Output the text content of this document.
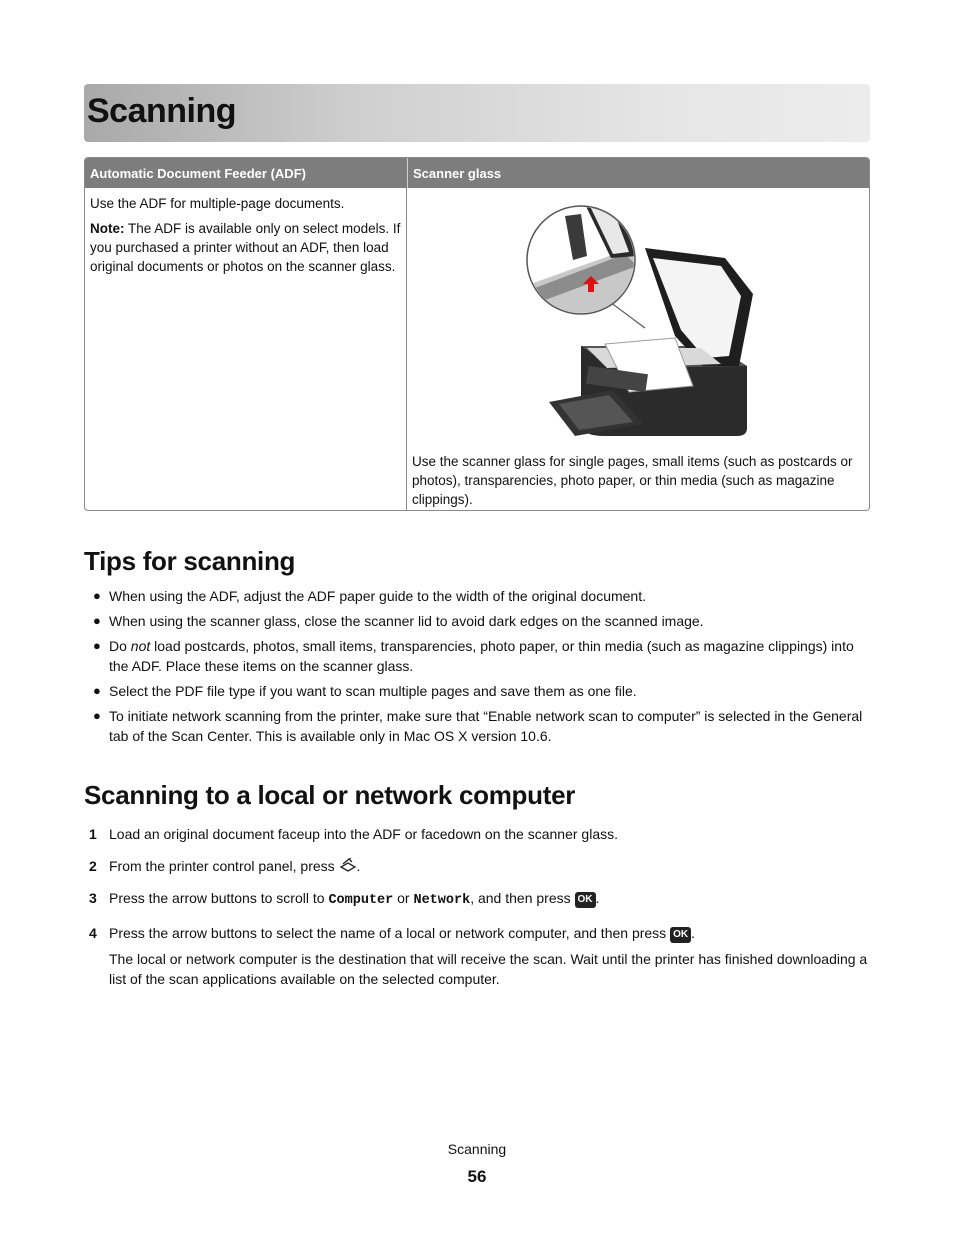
Scanning
Automatic Document Feeder (ADF)	Scanner glass

Use the ADF for multiple-page documents.

Note: The ADF is available only on select models. If you purchased a printer without an ADF, then load original documents or photos on the scanner glass.

Use the scanner glass for single pages, small items (such as postcards or photos), transparencies, photo paper, or thin media (such as magazine clippings).
Tips for scanning
● When using the ADF, adjust the ADF paper guide to the width of the original document.
● When using the scanner glass, close the scanner lid to avoid dark edges on the scanned image.
● Do not load postcards, photos, small items, transparencies, photo paper, or thin media (such as magazine clippings) into the ADF. Place these items on the scanner glass.
● Select the PDF file type if you want to scan multiple pages and save them as one file.
● To initiate network scanning from the printer, make sure that “Enable network scan to computer” is selected in the General tab of the Scan Center. This is available only in Mac OS X version 10.6.
Scanning to a local or network computer
1 Load an original document faceup into the ADF or facedown on the scanner glass.
2 From the printer control panel, press .
3 Press the arrow buttons to scroll to Computer or Network, and then press OK .
4 Press the arrow buttons to select the name of a local or network computer, and then press OK .
The local or network computer is the destination that will receive the scan. Wait until the printer has finished downloading a list of the scan applications available on the selected computer.
Scanning
56
